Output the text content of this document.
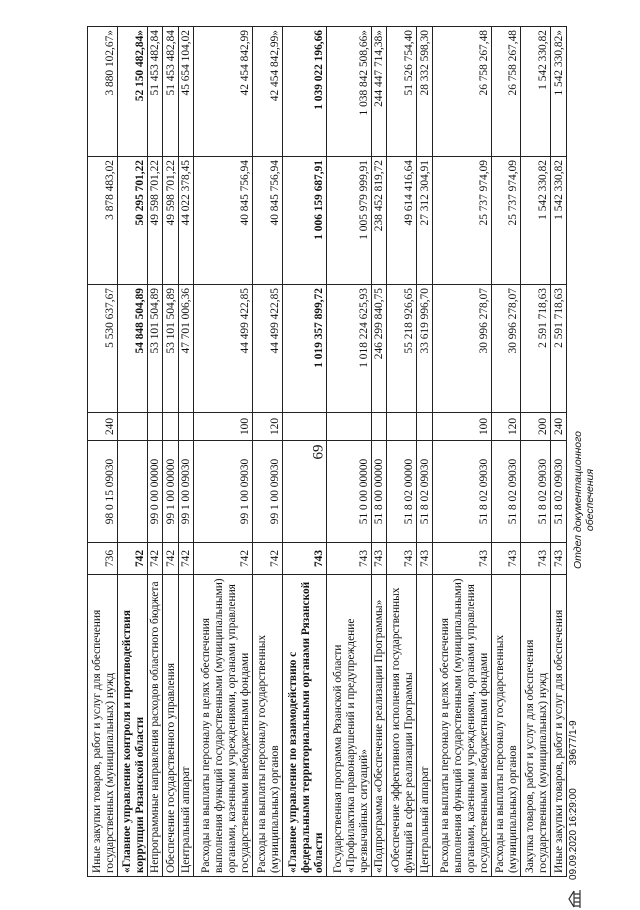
69
Иные закупки товаров, работ и услуг для обеспечения государственных (муниципальных) нужд	736	98 0 15 09030	240	5 530 637,67	3 878 483,02	3 880 102,67»
«Главное управление контроля и противодействия коррупции Рязанской области	742			54 848 504,89	50 295 701,22	52 150 482,84»
Непрограммные направления расходов областного бюджета	742	99 0 00 00000		53 101 504,89	49 598 701,22	51 453 482,84
Обеспечение государственного управления	742	99 1 00 00000		53 101 504,89	49 598 701,22	51 453 482,84
Центральный аппарат	742	99 1 00 09030		47 701 006,36	44 022 378,45	45 654 104,02
Расходы на выплаты персоналу в целях обеспечения выполнения функций государственными (муниципальными) органами, казенными учреждениями, органами управления государственными внебюджетными фондами	742	99 1 00 09030	100	44 499 422,85	40 845 756,94	42 454 842,99
Расходы на выплаты персоналу государственных (муниципальных) органов	742	99 1 00 09030	120	44 499 422,85	40 845 756,94	42 454 842,99»
«Главное управление по взаимодействию с федеральными территориальными органами Рязанской области	743			1 019 357 899,72	1 006 159 687,91	1 039 022 196,66
Государственная программа Рязанской области «Профилактика правонарушений и предупреждение чрезвычайных ситуаций»	743	51 0 00 00000		1 018 224 625,93	1 005 979 999,91	1 038 842 508,66»
«Подпрограмма «Обеспечение реализации Программы»	743	51 8 00 00000		246 299 840,75	238 452 819,72	244 447 714,38»
«Обеспечение эффективного исполнения государственных функций в сфере реализации Программы	743	51 8 02 00000		55 218 926,65	49 614 416,64	51 526 754,40
Центральный аппарат	743	51 8 02 09030		33 619 996,70	27 312 304,91	28 332 598,30
Расходы на выплаты персоналу в целях обеспечения выполнения функций государственными (муниципальными) органами, казенными учреждениями, органами управления государственными внебюджетными фондами	743	51 8 02 09030	100	30 996 278,07	25 737 974,09	26 758 267,48
Расходы на выплаты персоналу государственных (муниципальных) органов	743	51 8 02 09030	120	30 996 278,07	25 737 974,09	26 758 267,48
Закупка товаров, работ и услуг для обеспечения государственных (муниципальных) нужд	743	51 8 02 09030	200	2 591 718,63	1 542 330,82	1 542 330,82
Иные закупки товаров, работ и услуг для обеспечения	743	51 8 02 09030	240	2 591 718,63	1 542 330,82	1 542 330,82»
09.09.2020 16:29:00 39677/1-9
Отдел документационного обеспечения
